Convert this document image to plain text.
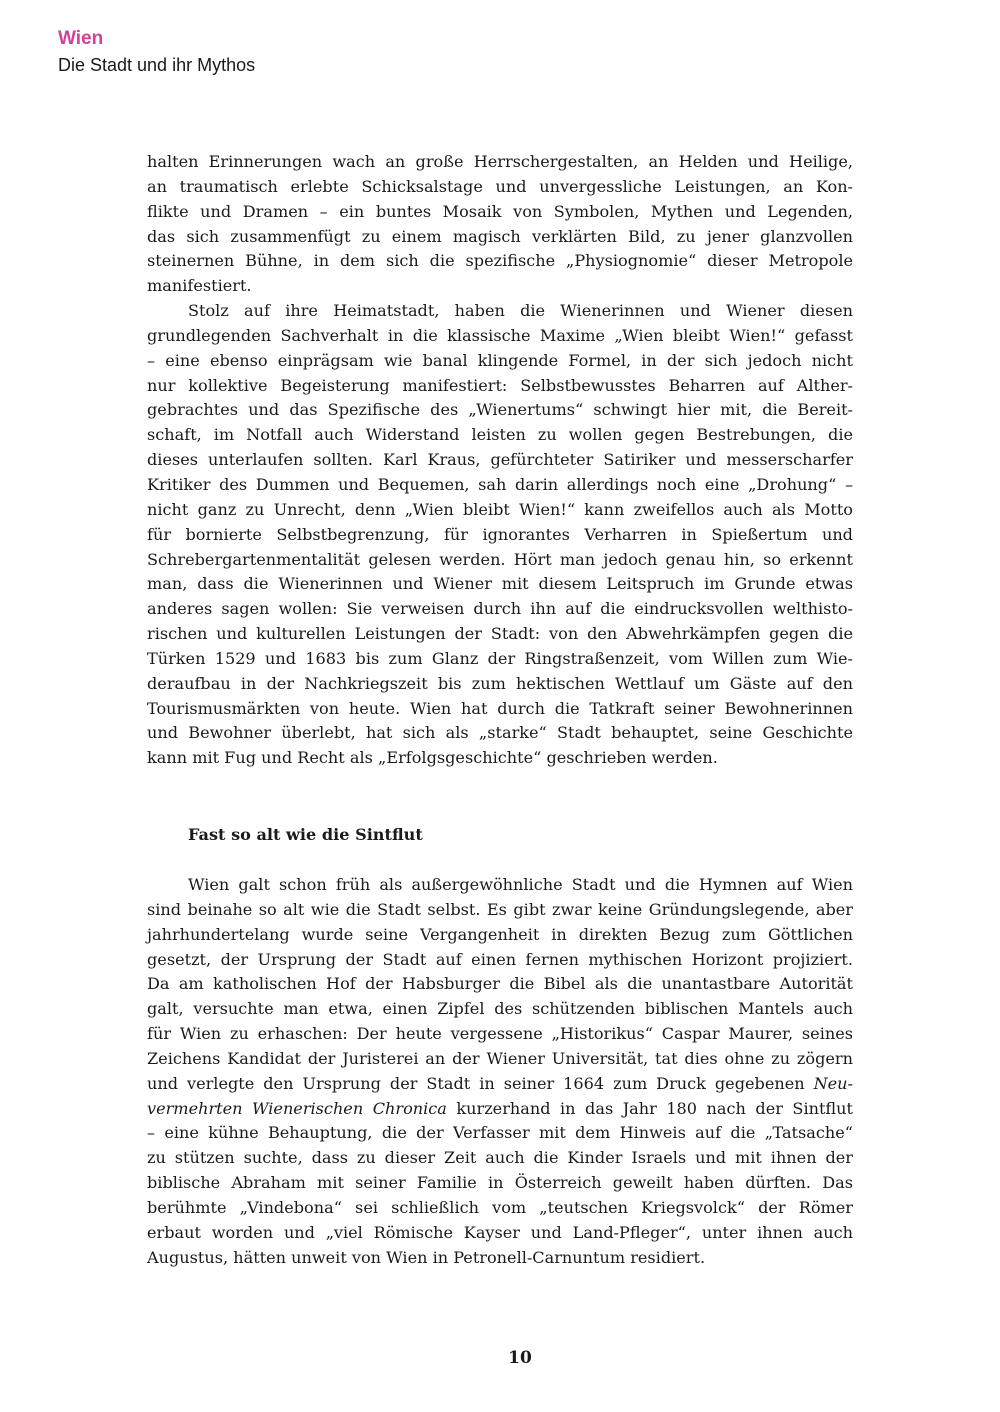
Wien
Die Stadt und ihr Mythos
halten Erinnerungen wach an große Herrschergestalten, an Helden und Heilige,
an traumatisch erlebte Schicksalstage und unvergessliche Leistungen, an Kon-
flikte und Dramen – ein buntes Mosaik von Symbolen, Mythen und Legenden,
das sich zusammenfügt zu einem magisch verklärten Bild, zu jener glanzvollen
steinernen Bühne, in dem sich die spezifische „Physiognomie“ dieser Metropole
manifestiert.
Stolz auf ihre Heimatstadt, haben die Wienerinnen und Wiener diesen
grundlegenden Sachverhalt in die klassische Maxime „Wien bleibt Wien!“ gefasst
– eine ebenso einprägsam wie banal klingende Formel, in der sich jedoch nicht
nur kollektive Begeisterung manifestiert: Selbstbewusstes Beharren auf Alther-
gebrachtes und das Spezifische des „Wienertums“ schwingt hier mit, die Bereit-
schaft, im Notfall auch Widerstand leisten zu wollen gegen Bestrebungen, die
dieses unterlaufen sollten. Karl Kraus, gefürchteter Satiriker und messerscharfer
Kritiker des Dummen und Bequemen, sah darin allerdings noch eine „Drohung“ –
nicht ganz zu Unrecht, denn „Wien bleibt Wien!“ kann zweifellos auch als Motto
für bornierte Selbstbegrenzung, für ignorantes Verharren in Spießertum und
Schrebergartenmentalität gelesen werden. Hört man jedoch genau hin, so erkennt
man, dass die Wienerinnen und Wiener mit diesem Leitspruch im Grunde etwas
anderes sagen wollen: Sie verweisen durch ihn auf die eindrucksvollen welthisto-
rischen und kulturellen Leistungen der Stadt: von den Abwehrkämpfen gegen die
Türken 1529 und 1683 bis zum Glanz der Ringstraßenzeit, vom Willen zum Wie-
deraufbau in der Nachkriegszeit bis zum hektischen Wettlauf um Gäste auf den
Tourismusmärkten von heute. Wien hat durch die Tatkraft seiner Bewohnerinnen
und Bewohner überlebt, hat sich als „starke“ Stadt behauptet, seine Geschichte
kann mit Fug und Recht als „Erfolgsgeschichte“ geschrieben werden.
Fast so alt wie die Sintflut
Wien galt schon früh als außergewöhnliche Stadt und die Hymnen auf Wien
sind beinahe so alt wie die Stadt selbst. Es gibt zwar keine Gründungslegende, aber
jahrhundertelang wurde seine Vergangenheit in direkten Bezug zum Göttlichen
gesetzt, der Ursprung der Stadt auf einen fernen mythischen Horizont projiziert.
Da am katholischen Hof der Habsburger die Bibel als die unantastbare Autorität
galt, versuchte man etwa, einen Zipfel des schützenden biblischen Mantels auch
für Wien zu erhaschen: Der heute vergessene „Historikus“ Caspar Maurer, seines
Zeichens Kandidat der Juristerei an der Wiener Universität, tat dies ohne zu zögern
und verlegte den Ursprung der Stadt in seiner 1664 zum Druck gegebenen Neu-
vermehrten Wienerischen Chronica kurzerhand in das Jahr 180 nach der Sintflut
– eine kühne Behauptung, die der Verfasser mit dem Hinweis auf die „Tatsache“
zu stützen suchte, dass zu dieser Zeit auch die Kinder Israels und mit ihnen der
biblische Abraham mit seiner Familie in Österreich geweilt haben dürften. Das
berühmte „Vindebona“ sei schließlich vom „teutschen Kriegsvolck“ der Römer
erbaut worden und „viel Römische Kayser und Land-Pfleger“, unter ihnen auch
Augustus, hätten unweit von Wien in Petronell-Carnuntum residiert.
10
